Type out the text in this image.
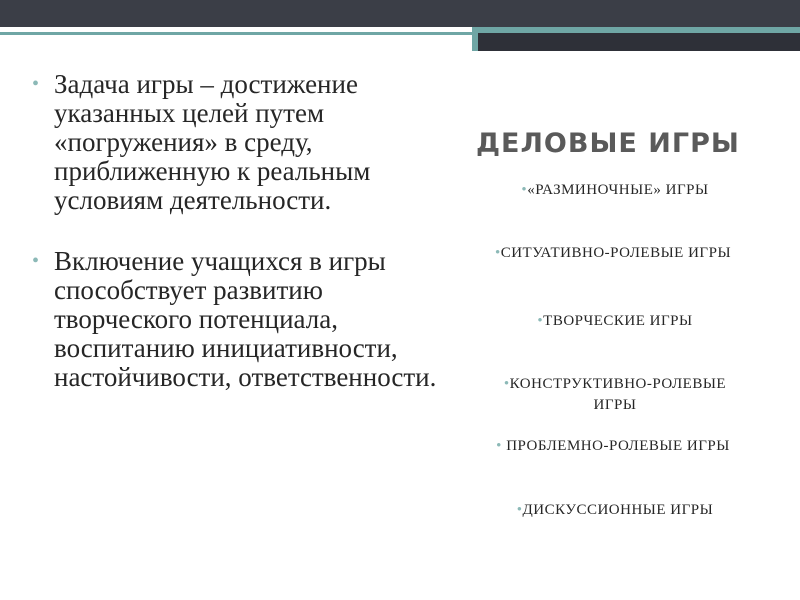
• Задача игры – достижение указанных целей путем «погружения» в среду, приближенную к реальным условиям деятельности.
• Включение учащихся в игры способствует развитию творческого потенциала, воспитанию инициативности, настойчивости, ответственности.
ДЕЛОВЫЕ ИГРЫ
•«РАЗМИНОЧНЫЕ» ИГРЫ
•СИТУАТИВНО-РОЛЕВЫЕ ИГРЫ
•ТВОРЧЕСКИЕ ИГРЫ
•КОНСТРУКТИВНО-РОЛЕВЫЕ ИГРЫ
• ПРОБЛЕМНО-РОЛЕВЫЕ ИГРЫ
•ДИСКУССИОННЫЕ ИГРЫ
